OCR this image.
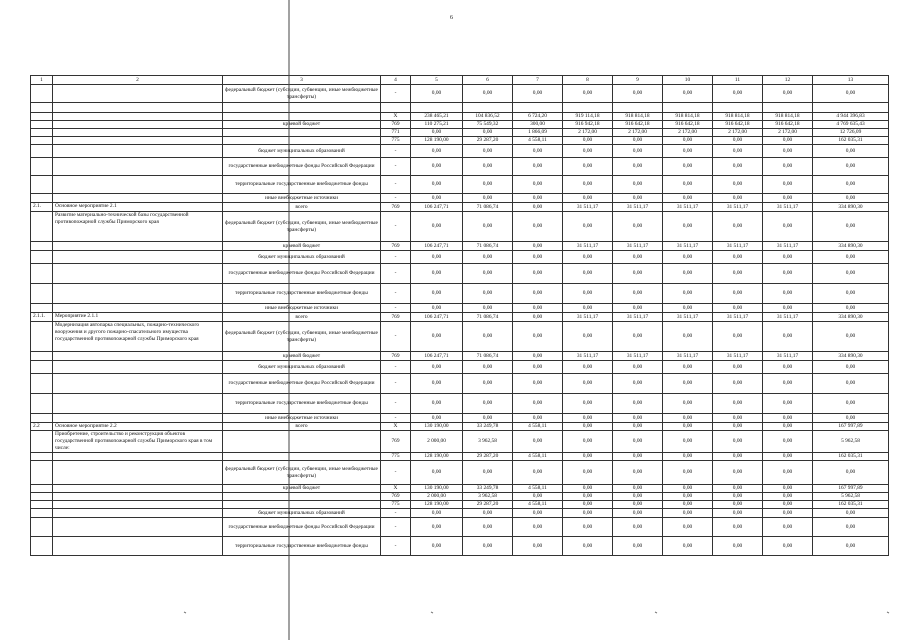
6
1	2	3	4	5	6	7	8	9	10	11	12	13
		федеральный бюджет (субсидии, субвенции, иные межбюджетные трансферты)	-	0,00	0,00	0,00	0,00	0,00	0,00	0,00	0,00	0,00

			X	238 465,21	104 836,52	6 724,20	919 114,18	918 814,18	918 814,18	918 814,18	918 814,18	4 944 396,83
		краевой бюджет	769	110 275,21	75 549,32	300,00	916 942,18	916 642,18	916 642,18	916 642,18	916 642,18	4 769 635,43
			771	0,00	0,00	1 866,09	2 172,00	2 172,00	2 172,00	2 172,00	2 172,00	12 726,09
			775	128 190,00	29 287,20	4 558,11	0,00	0,00	0,00	0,00	0,00	162 035,31
		бюджет муниципальных образований	-	0,00	0,00	0,00	0,00	0,00	0,00	0,00	0,00	0,00
		государственные внебюджетные фонды Российской Федерации	-	0,00	0,00	0,00	0,00	0,00	0,00	0,00	0,00	0,00
		территориальные государственные внебюджетные фонды	-	0,00	0,00	0,00	0,00	0,00	0,00	0,00	0,00	0,00
		иные внебюджетные источники	-	0,00	0,00	0,00	0,00	0,00	0,00	0,00	0,00	0,00
2.1.	Основное мероприятие 2.1	всего	769	106 247,71	71 086,74	0,00	31 511,17	31 511,17	31 511,17	31 511,17	31 511,17	334 890,30
	Развитие материально-технической базы государственной противопожарной службы Приморского края	федеральный бюджет (субсидии, субвенции, иные межбюджетные трансферты)	-	0,00	0,00	0,00	0,00	0,00	0,00	0,00	0,00	0,00
		краевой бюджет	769	106 247,71	71 086,74	0,00	31 511,17	31 511,17	31 511,17	31 511,17	31 511,17	334 890,30
		бюджет муниципальных образований	-	0,00	0,00	0,00	0,00	0,00	0,00	0,00	0,00	0,00
		государственные внебюджетные фонды Российской Федерации	-	0,00	0,00	0,00	0,00	0,00	0,00	0,00	0,00	0,00
		территориальные государственные внебюджетные фонды	-	0,00	0,00	0,00	0,00	0,00	0,00	0,00	0,00	0,00
		иные внебюджетные источники	-	0,00	0,00	0,00	0,00	0,00	0,00	0,00	0,00	0,00
2.1.1.	Мероприятие 2.1.1	всего	769	106 247,71	71 086,74	0,00	31 511,17	31 511,17	31 511,17	31 511,17	31 511,17	334 890,30
	Модернизация автопарка специальных, пожарно-технического вооружения и другого пожарно-спасательного имущества государственной противопожарной службы Приморского края	федеральный бюджет (субсидии, субвенции, иные межбюджетные трансферты)	-	0,00	0,00	0,00	0,00	0,00	0,00	0,00	0,00	0,00
		краевой бюджет	769	106 247,71	71 086,74	0,00	31 511,17	31 511,17	31 511,17	31 511,17	31 511,17	334 890,30
		бюджет муниципальных образований	-	0,00	0,00	0,00	0,00	0,00	0,00	0,00	0,00	0,00
		государственные внебюджетные фонды Российской Федерации	-	0,00	0,00	0,00	0,00	0,00	0,00	0,00	0,00	0,00
		территориальные государственные внебюджетные фонды	-	0,00	0,00	0,00	0,00	0,00	0,00	0,00	0,00	0,00
		иные внебюджетные источники	-	0,00	0,00	0,00	0,00	0,00	0,00	0,00	0,00	0,00
2.2	Основное мероприятие 2.2	всего	X	130 190,00	33 249,78	4 558,11	0,00	0,00	0,00	0,00	0,00	167 997,89
	Приобретение, строительство и реконструкция объектов государственной противопожарной службы Приморского края в том числе:		769	2 000,00	3 962,58	0,00	0,00	0,00	0,00	0,00	0,00	5 962,58
			775	128 190,00	29 287,20	4 558,11	0,00	0,00	0,00	0,00	0,00	162 035,31
		федеральный бюджет (субсидии, субвенции, иные межбюджетные трансферты)	-	0,00	0,00	0,00	0,00	0,00	0,00	0,00	0,00	0,00
		краевой бюджет	X	130 190,00	33 249,78	4 558,11	0,00	0,00	0,00	0,00	0,00	167 997,89
			769	2 000,00	3 962,58	0,00	0,00	0,00	0,00	0,00	0,00	5 962,58
			775	128 190,00	29 287,20	4 558,11	0,00	0,00	0,00	0,00	0,00	162 035,31
		бюджет муниципальных образований	-	0,00	0,00	0,00	0,00	0,00	0,00	0,00	0,00	0,00
		государственные внебюджетные фонды Российской Федерации	-	0,00	0,00	0,00	0,00	0,00	0,00	0,00	0,00	0,00
		территориальные государственные внебюджетные фонды	-	0,00	0,00	0,00	0,00	0,00	0,00	0,00	0,00	0,00
